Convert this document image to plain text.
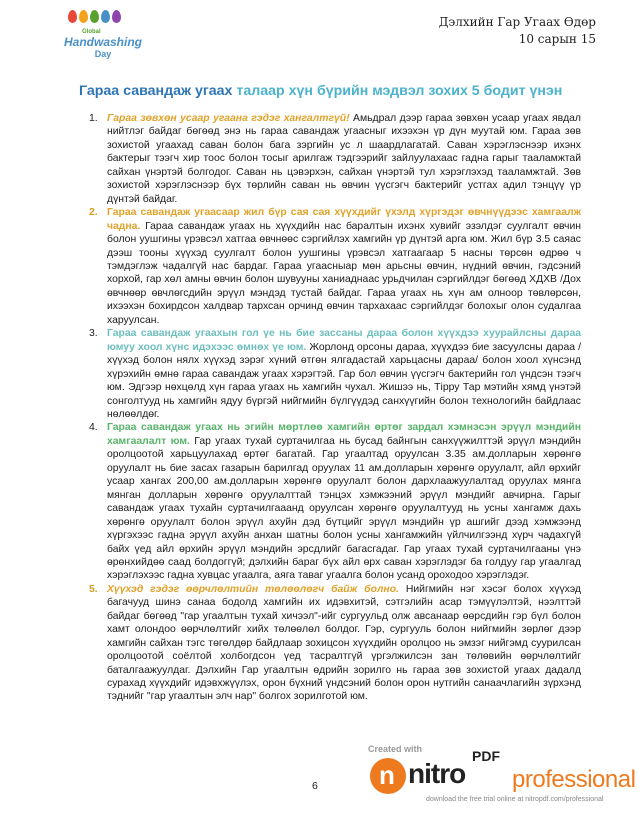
Global
Handwashing
Day
Дэлхийн Гар Угаах Өдөр
10 сарын 15
Гараа савандаж угаах талаар хүн бүрийн мэдвэл зохих 5 бодит үнэн
1. Гараа зөвхөн усаар угаана гэдэг хангалтгүй! Амьдрал дээр гараа зөвхөн усаар угаах явдал нийтлэг байдаг бөгөөд энэ нь гараа савандаж угаасныг ихээхэн үр дүн муутай юм. Гараа зөв зохистой угаахад саван болон бага зэргийн ус л шаардлагатай. Саван хэрэглэснээр ихэнх бактерыг тээгч хир тоос болон тосыг арилгаж тэдгээрийг зайлуулахаас гадна гарыг тааламжтай сайхан үнэртэй болгодог. Саван нь цэвэрхэн, сайхан үнэртэй тул хэрэглэхэд тааламжтай. Зөв зохистой хэрэглэснээр бүх төрлийн саван нь өвчин үүсгэгч бактерийг устгах адил тэнцүү үр дүнтэй байдаг.
2. Гараа савандаж угаасаар жил бүр сая сая хүүхдийг үхэлд хүргэдэг өвчнүүдээс хамгаалж чадна. Гараа савандаж угаах нь хүүхдийн нас баралтын ихэнх хувийг эзэлдэг суулгалт өвчин болон уушгины үрэвсэл хатгаа өвчнөөс сэргийлэх хамгийн үр дүнтэй арга юм. Жил бүр 3.5 саяас дээш тооны хүүхэд суулгалт болон уушгины үрэвсэл хатгаагаар 5 насны төрсөн өдрөө ч тэмдэглэж чадалгүй нас бардаг. Гараа угаасныар мөн арьсны өвчин, нүдний өвчин, гэдсэний хорхой, гар хөл амны өвчин болон шувууны ханиаднаас урьдчилан сэргийлдэг бөгөөд ХДХВ /Дох өвчнөөр өвчлөгсдийн эрүүл мэндэд тустай байдаг. Гараа угаах нь хүн ам олноор төвлөрсөн, ихээхэн бохирдсон халдвар тархсан орчинд өвчин тархахаас сэргийлдэг болохыг олон судалгаа харуулсан.
3. Гараа савандаж угаахын гол үе нь бие зассаны дараа болон хүүхдээ хуурайлсны дараа юмуу хоол хүнс идэхээс өмнөх үе юм. Жорлонд орсоны дараа, хүүхдээ бие засуулсны дараа /хүүхэд болон нялх хүүхэд зэрэг хүний өтгөн ялгадастай харьцасны дараа/ болон хоол хүнсэнд хүрэхийн өмнө гараа савандаж угаах хэрэгтэй. Гар бол өвчин үүсгэгч бактерийн гол үндсэн тээгч юм. Эдгээр нөхцөлд хүн гараа угаах нь хамгийн чухал. Жишээ нь, Тірру Тар мэтийн хямд үнэтэй сонголтууд нь хамгийн ядуу бүргэй нийгмийн бүлгүүдэд санхүүгийн болон технологийн байдлаас нөлөөлдөг.
4. Гараа савандаж угаах нь эгийн мөртлөө хамгийн өртөг зардал хэмнэсэн эрүүл мэндийн хамгаалалт юм. Гар угаах тухай суртачилгаа нь бусад байнгын санхүүжилттэй эрүүл мэндийн оролцоотой харьцуулахад өртөг багатай. Гар угаалтад оруулсан 3.35 ам.долларын хөрөнгө оруулалт нь бие засах газарын барилгад оруулах 11 ам.долларын хөрөнгө оруулалт, айл өрхийг усаар хангах 200,00 ам.долларын хөрөнгө оруулалт болон дархлаажуулалтад оруулах мянга мянган долларын хөрөнгө оруулалттай тэнцэх хэмжээний эрүүл мэндийг авчирна. Гарыг савандаж угаах тухайн суртачилгааанд оруулсан хөрөнгө оруулалтууд нь усны хангамж дахь хөрөнгө оруулалт болон эрүүл ахуйн дэд бүтцийг эрүүл мэндийн үр ашгийг дээд хэмжээнд хүргэхээс гадна эрүүл ахуйн анхан шатны болон усны хангамжийн үйлчилгээнд хүрч чадахгүй байх үед айл өрхийн эрүүл мэндийн эрсдлийг багасгадаг. Гар угаах тухай суртачилгааны үнэ өрөнхийдөө саад болдоггүй; дэлхийн бараг бүх айл өрх саван хэрэглэдэг ба голдуу гар угаалгад хэрэглэхээс гадна хувцас угаалга, аяга таваг угаалга болон усанд ороходоо хэрэглэдэг.
5. Хүүхэд гэдэг өөрчлөлтийн төлөөлөгч байж болно. Нийгмийн нэг хэсэг болох хүүхэд багачууд шинэ санаа бодолд хамгийн их идэвхитэй, сэтгэлийн асар тэмүүлэлтэй, нээлттэй байдаг бөгөөд "гар угаалтын тухай хичээл"-ийг сургуульд олж авсанаар өөрсдийн гэр бүл болон хамт олондоо өөрчлөлтийг хийх төлөөлөл болдог. Гэр, сургууль болон нийгмийн зөрлөг дээр хамгийн сайхан тэгс төгөлдөр байдлаар зохицсон хүүхдийн оролцоо нь эмзэг нийгэмд суурилсан оролцоотой соёлтой холбогдсон үед тасралтгүй үргэлжилсэн зан төлөвийн өөрчлөлтийг баталгаажуулдаг. Дэлхийн Гар угаалтын өдрийн зорилго нь гараа зөв зохистой угаах дадалд сурахад хүүхдийг идэвхжүүлэх, орон бүхний үндсэний болон орон нутгийн санаачлагийн зүрхэнд тэднийг "гар угаалтын элч нар" болгох зорилготой юм.
6
Created with
n nitro
PDF
professional
download the free trial online at nitropdf.com/professional
